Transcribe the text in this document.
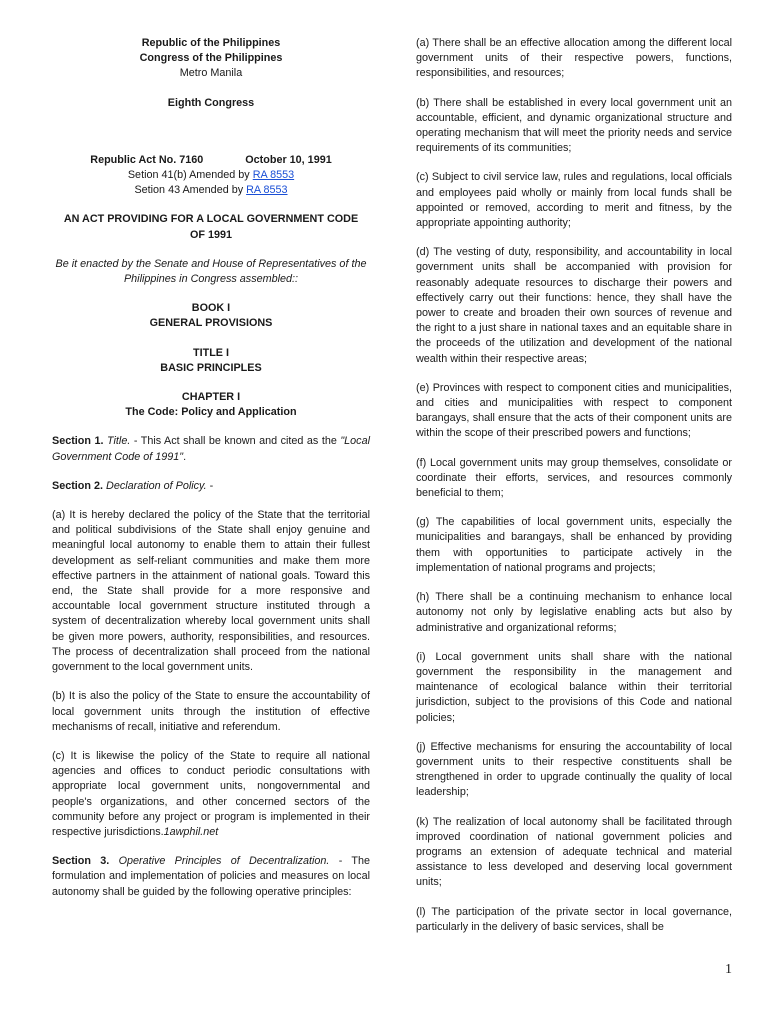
Republic of the Philippines

Congress of the Philippines

Metro Manila

Eighth Congress

Republic Act No. 7160	October 10, 1991

Setion 41(b) Amended by RA 8553

Setion 43 Amended by RA 8553

AN ACT PROVIDING FOR A LOCAL GOVERNMENT CODE OF 1991

Be it enacted by the Senate and House of Representatives of the Philippines in Congress assembled::

BOOK I

GENERAL PROVISIONS

TITLE I

BASIC PRINCIPLES

CHAPTER I

The Code: Policy and Application

Section 1. Title. - This Act shall be known and cited as the "Local Government Code of 1991".

Section 2. Declaration of Policy. -

(a) It is hereby declared the policy of the State that the territorial and political subdivisions of the State shall enjoy genuine and meaningful local autonomy to enable them to attain their fullest development as self-reliant communities and make them more effective partners in the attainment of national goals. Toward this end, the State shall provide for a more responsive and accountable local government structure instituted through a system of decentralization whereby local government units shall be given more powers, authority, responsibilities, and resources. The process of decentralization shall proceed from the national government to the local government units.

(b) It is also the policy of the State to ensure the accountability of local government units through the institution of effective mechanisms of recall, initiative and referendum.

(c) It is likewise the policy of the State to require all national agencies and offices to conduct periodic consultations with appropriate local government units, nongovernmental and people's organizations, and other concerned sectors of the community before any project or program is implemented in their respective jurisdictions.1awphil.net

Section 3. Operative Principles of Decentralization. - The formulation and implementation of policies and measures on local autonomy shall be guided by the following operative principles:

(a) There shall be an effective allocation among the different local government units of their respective powers, functions, responsibilities, and resources;

(b) There shall be established in every local government unit an accountable, efficient, and dynamic organizational structure and operating mechanism that will meet the priority needs and service requirements of its communities;

(c) Subject to civil service law, rules and regulations, local officials and employees paid wholly or mainly from local funds shall be appointed or removed, according to merit and fitness, by the appropriate appointing authority;

(d) The vesting of duty, responsibility, and accountability in local government units shall be accompanied with provision for reasonably adequate resources to discharge their powers and effectively carry out their functions: hence, they shall have the power to create and broaden their own sources of revenue and the right to a just share in national taxes and an equitable share in the proceeds of the utilization and development of the national wealth within their respective areas;

(e) Provinces with respect to component cities and municipalities, and cities and municipalities with respect to component barangays, shall ensure that the acts of their component units are within the scope of their prescribed powers and functions;

(f) Local government units may group themselves, consolidate or coordinate their efforts, services, and resources commonly beneficial to them;

(g) The capabilities of local government units, especially the municipalities and barangays, shall be enhanced by providing them with opportunities to participate actively in the implementation of national programs and projects;

(h) There shall be a continuing mechanism to enhance local autonomy not only by legislative enabling acts but also by administrative and organizational reforms;

(i) Local government units shall share with the national government the responsibility in the management and maintenance of ecological balance within their territorial jurisdiction, subject to the provisions of this Code and national policies;

(j) Effective mechanisms for ensuring the accountability of local government units to their respective constituents shall be strengthened in order to upgrade continually the quality of local leadership;

(k) The realization of local autonomy shall be facilitated through improved coordination of national government policies and programs an extension of adequate technical and material assistance to less developed and deserving local government units;

(l) The participation of the private sector in local governance, particularly in the delivery of basic services, shall be

1
